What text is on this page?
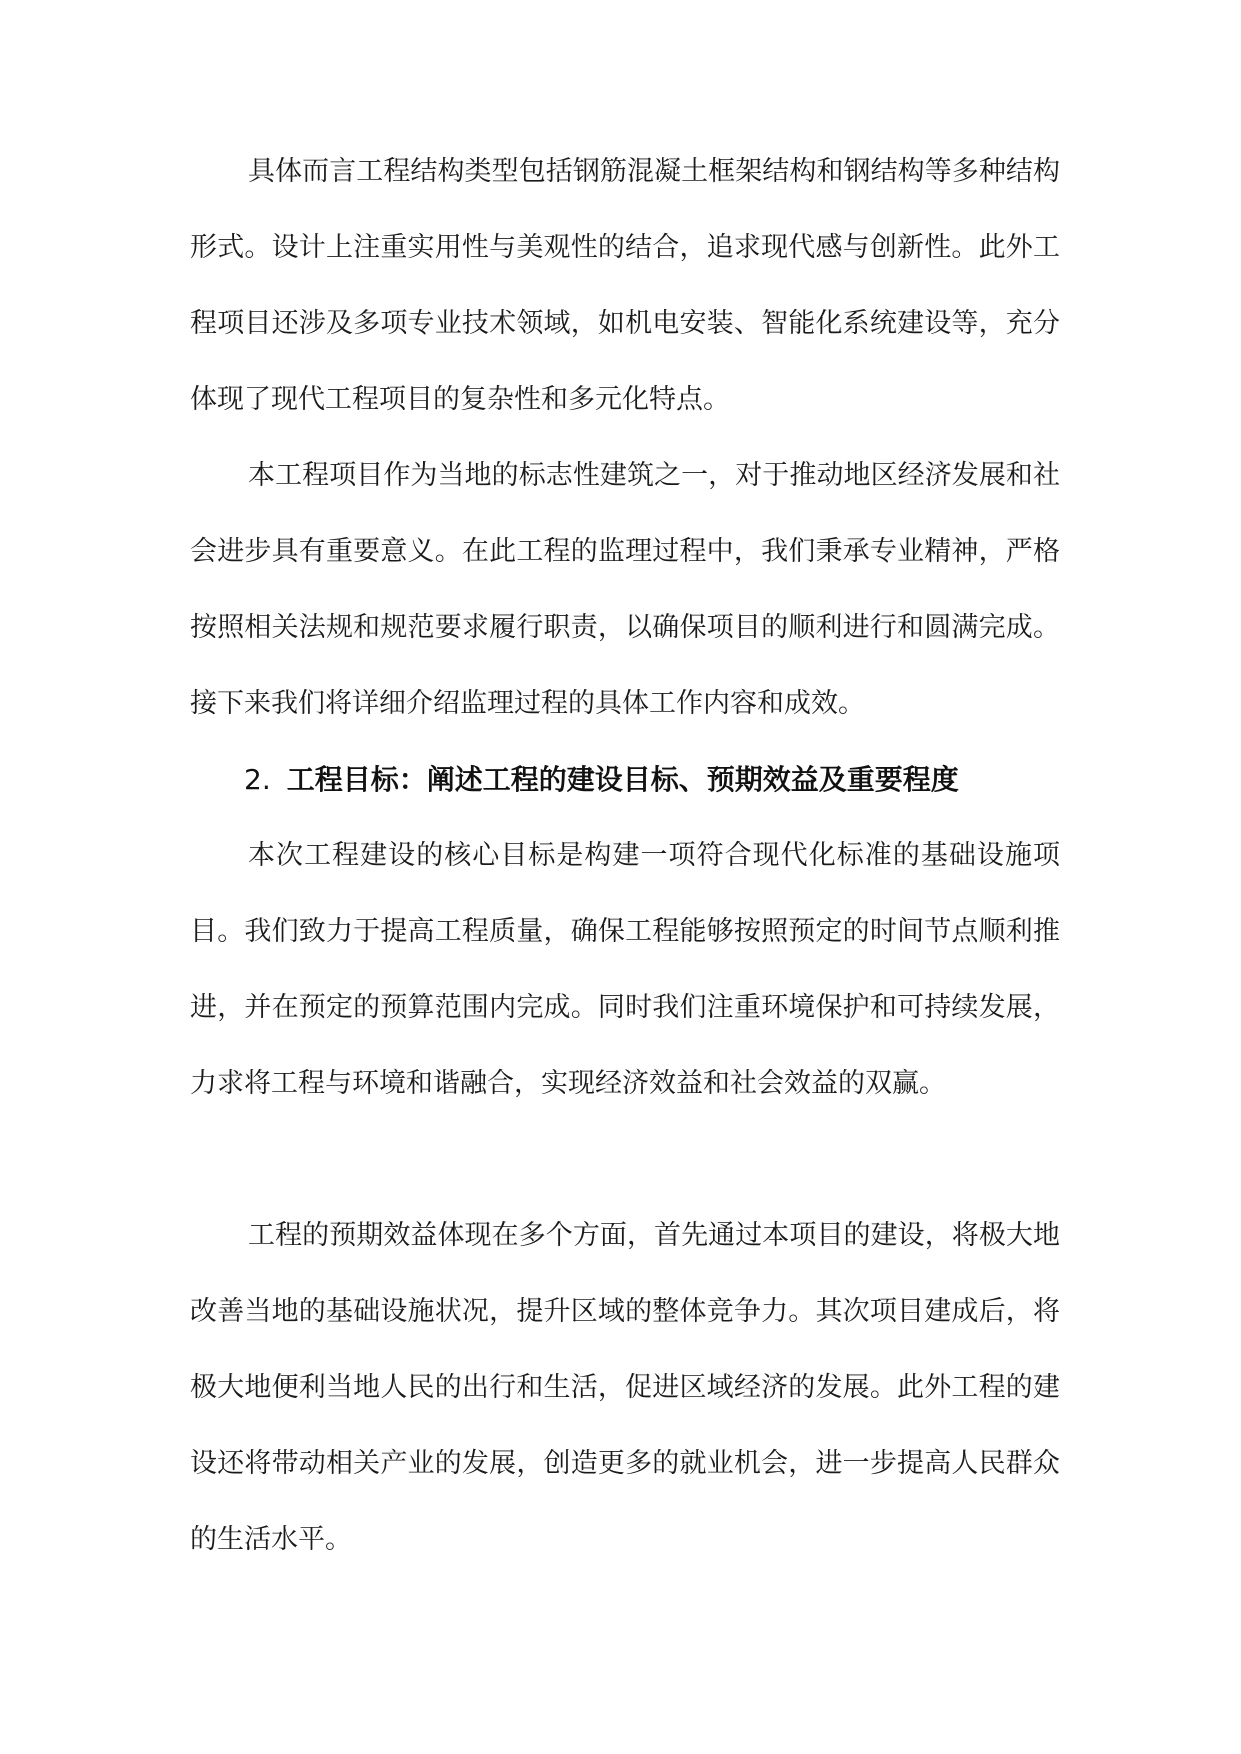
具体而言工程结构类型包括钢筋混凝土框架结构和钢结构等多种结构形式。设计上注重实用性与美观性的结合，追求现代感与创新性。此外工程项目还涉及多项专业技术领域，如机电安装、智能化系统建设等，充分体现了现代工程项目的复杂性和多元化特点。

本工程项目作为当地的标志性建筑之一，对于推动地区经济发展和社会进步具有重要意义。在此工程的监理过程中，我们秉承专业精神，严格按照相关法规和规范要求履行职责，以确保项目的顺利进行和圆满完成。接下来我们将详细介绍监理过程的具体工作内容和成效。

2. 工程目标：阐述工程的建设目标、预期效益及重要程度

本次工程建设的核心目标是构建一项符合现代化标准的基础设施项目。我们致力于提高工程质量，确保工程能够按照预定的时间节点顺利推进，并在预定的预算范围内完成。同时我们注重环境保护和可持续发展，力求将工程与环境和谐融合，实现经济效益和社会效益的双赢。

工程的预期效益体现在多个方面，首先通过本项目的建设，将极大地改善当地的基础设施状况，提升区域的整体竞争力。其次项目建成后，将极大地便利当地人民的出行和生活，促进区域经济的发展。此外工程的建设还将带动相关产业的发展，创造更多的就业机会，进一步提高人民群众的生活水平。
